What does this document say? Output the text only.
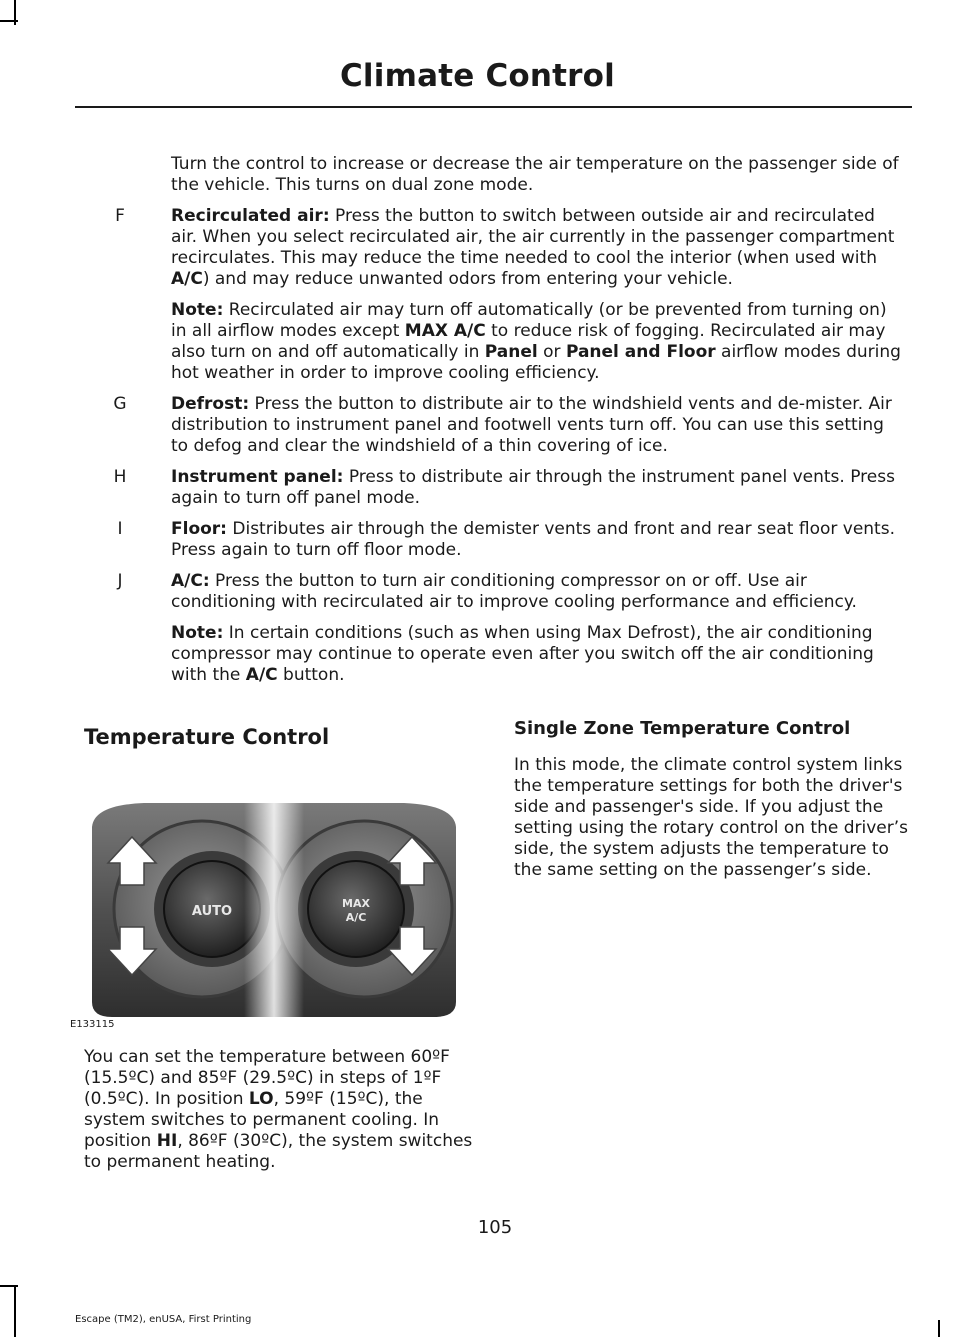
Climate Control

Turn the control to increase or decrease the air temperature on the passenger side of the vehicle. This turns on dual zone mode.

F	Recirculated air: Press the button to switch between outside air and recirculated air. When you select recirculated air, the air currently in the passenger compartment recirculates. This may reduce the time needed to cool the interior (when used with A/C) and may reduce unwanted odors from entering your vehicle.

Note: Recirculated air may turn off automatically (or be prevented from turning on) in all airflow modes except MAX A/C to reduce risk of fogging. Recirculated air may also turn on and off automatically in Panel or Panel and Floor airflow modes during hot weather in order to improve cooling efficiency.

G	Defrost: Press the button to distribute air to the windshield vents and de-mister. Air distribution to instrument panel and footwell vents turn off. You can use this setting to defog and clear the windshield of a thin covering of ice.

H	Instrument panel: Press to distribute air through the instrument panel vents. Press again to turn off panel mode.

I	Floor: Distributes air through the demister vents and front and rear seat floor vents. Press again to turn off floor mode.

J	A/C: Press the button to turn air conditioning compressor on or off. Use air conditioning with recirculated air to improve cooling performance and efficiency.

Note: In certain conditions (such as when using Max Defrost), the air conditioning compressor may continue to operate even after you switch off the air conditioning with the A/C button.

Temperature Control
AUTO
MAX
A/C
E133115

You can set the temperature between 60ºF (15.5ºC) and 85ºF (29.5ºC) in steps of 1ºF (0.5ºC). In position LO, 59ºF (15ºC), the system switches to permanent cooling. In position HI, 86ºF (30ºC), the system switches to permanent heating.

Single Zone Temperature Control

In this mode, the climate control system links the temperature settings for both the driver's side and passenger's side. If you adjust the setting using the rotary control on the driver’s side, the system adjusts the temperature to the same setting on the passenger’s side.

105
Escape (TM2), enUSA, First Printing
